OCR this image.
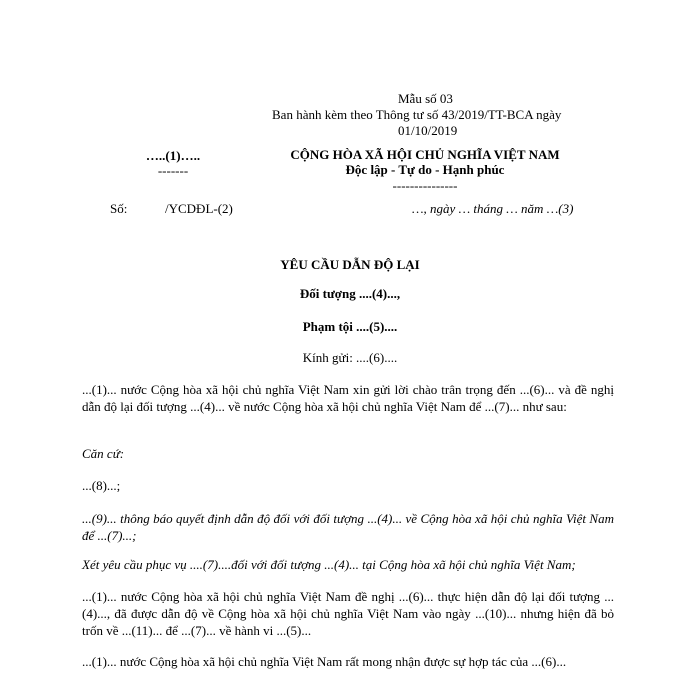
Mẫu số 03
Ban hành kèm theo Thông tư số 43/2019/TT-BCA ngày
01/10/2019
…..(1)…..
-------
CỘNG HÒA XÃ HỘI CHỦ NGHĨA VIỆT NAM
Độc lập - Tự do - Hạnh phúc
---------------
Số:	/YCDĐL-(2)	…, ngày … tháng … năm …(3)
YÊU CẦU DẪN ĐỘ LẠI
Đối tượng ....(4)...,
Phạm tội ....(5)....
Kính gửi: ....(6)....
...(1)... nước Cộng hòa xã hội chủ nghĩa Việt Nam xin gửi lời chào trân trọng đến ...(6)... và đề nghị dẫn độ lại đối tượng ...(4)... về nước Cộng hòa xã hội chủ nghĩa Việt Nam để ...(7)... như sau:
Căn cứ:
...(8)...;
...(9)... thông báo quyết định dẫn độ đối với đối tượng ...(4)... về Cộng hòa xã hội chủ nghĩa Việt Nam để ...(7)...;
Xét yêu cầu phục vụ ....(7)....đối với đối tượng ...(4)... tại Cộng hòa xã hội chủ nghĩa Việt Nam;
...(1)... nước Cộng hòa xã hội chủ nghĩa Việt Nam đề nghị ...(6)... thực hiện dẫn độ lại đối tượng ...(4)..., đã được dẫn độ về Cộng hòa xã hội chủ nghĩa Việt Nam vào ngày ...(10)... nhưng hiện đã bỏ trốn về ...(11)... để ...(7)... về hành vi ...(5)...
...(1)... nước Cộng hòa xã hội chủ nghĩa Việt Nam rất mong nhận được sự hợp tác của ...(6)...
